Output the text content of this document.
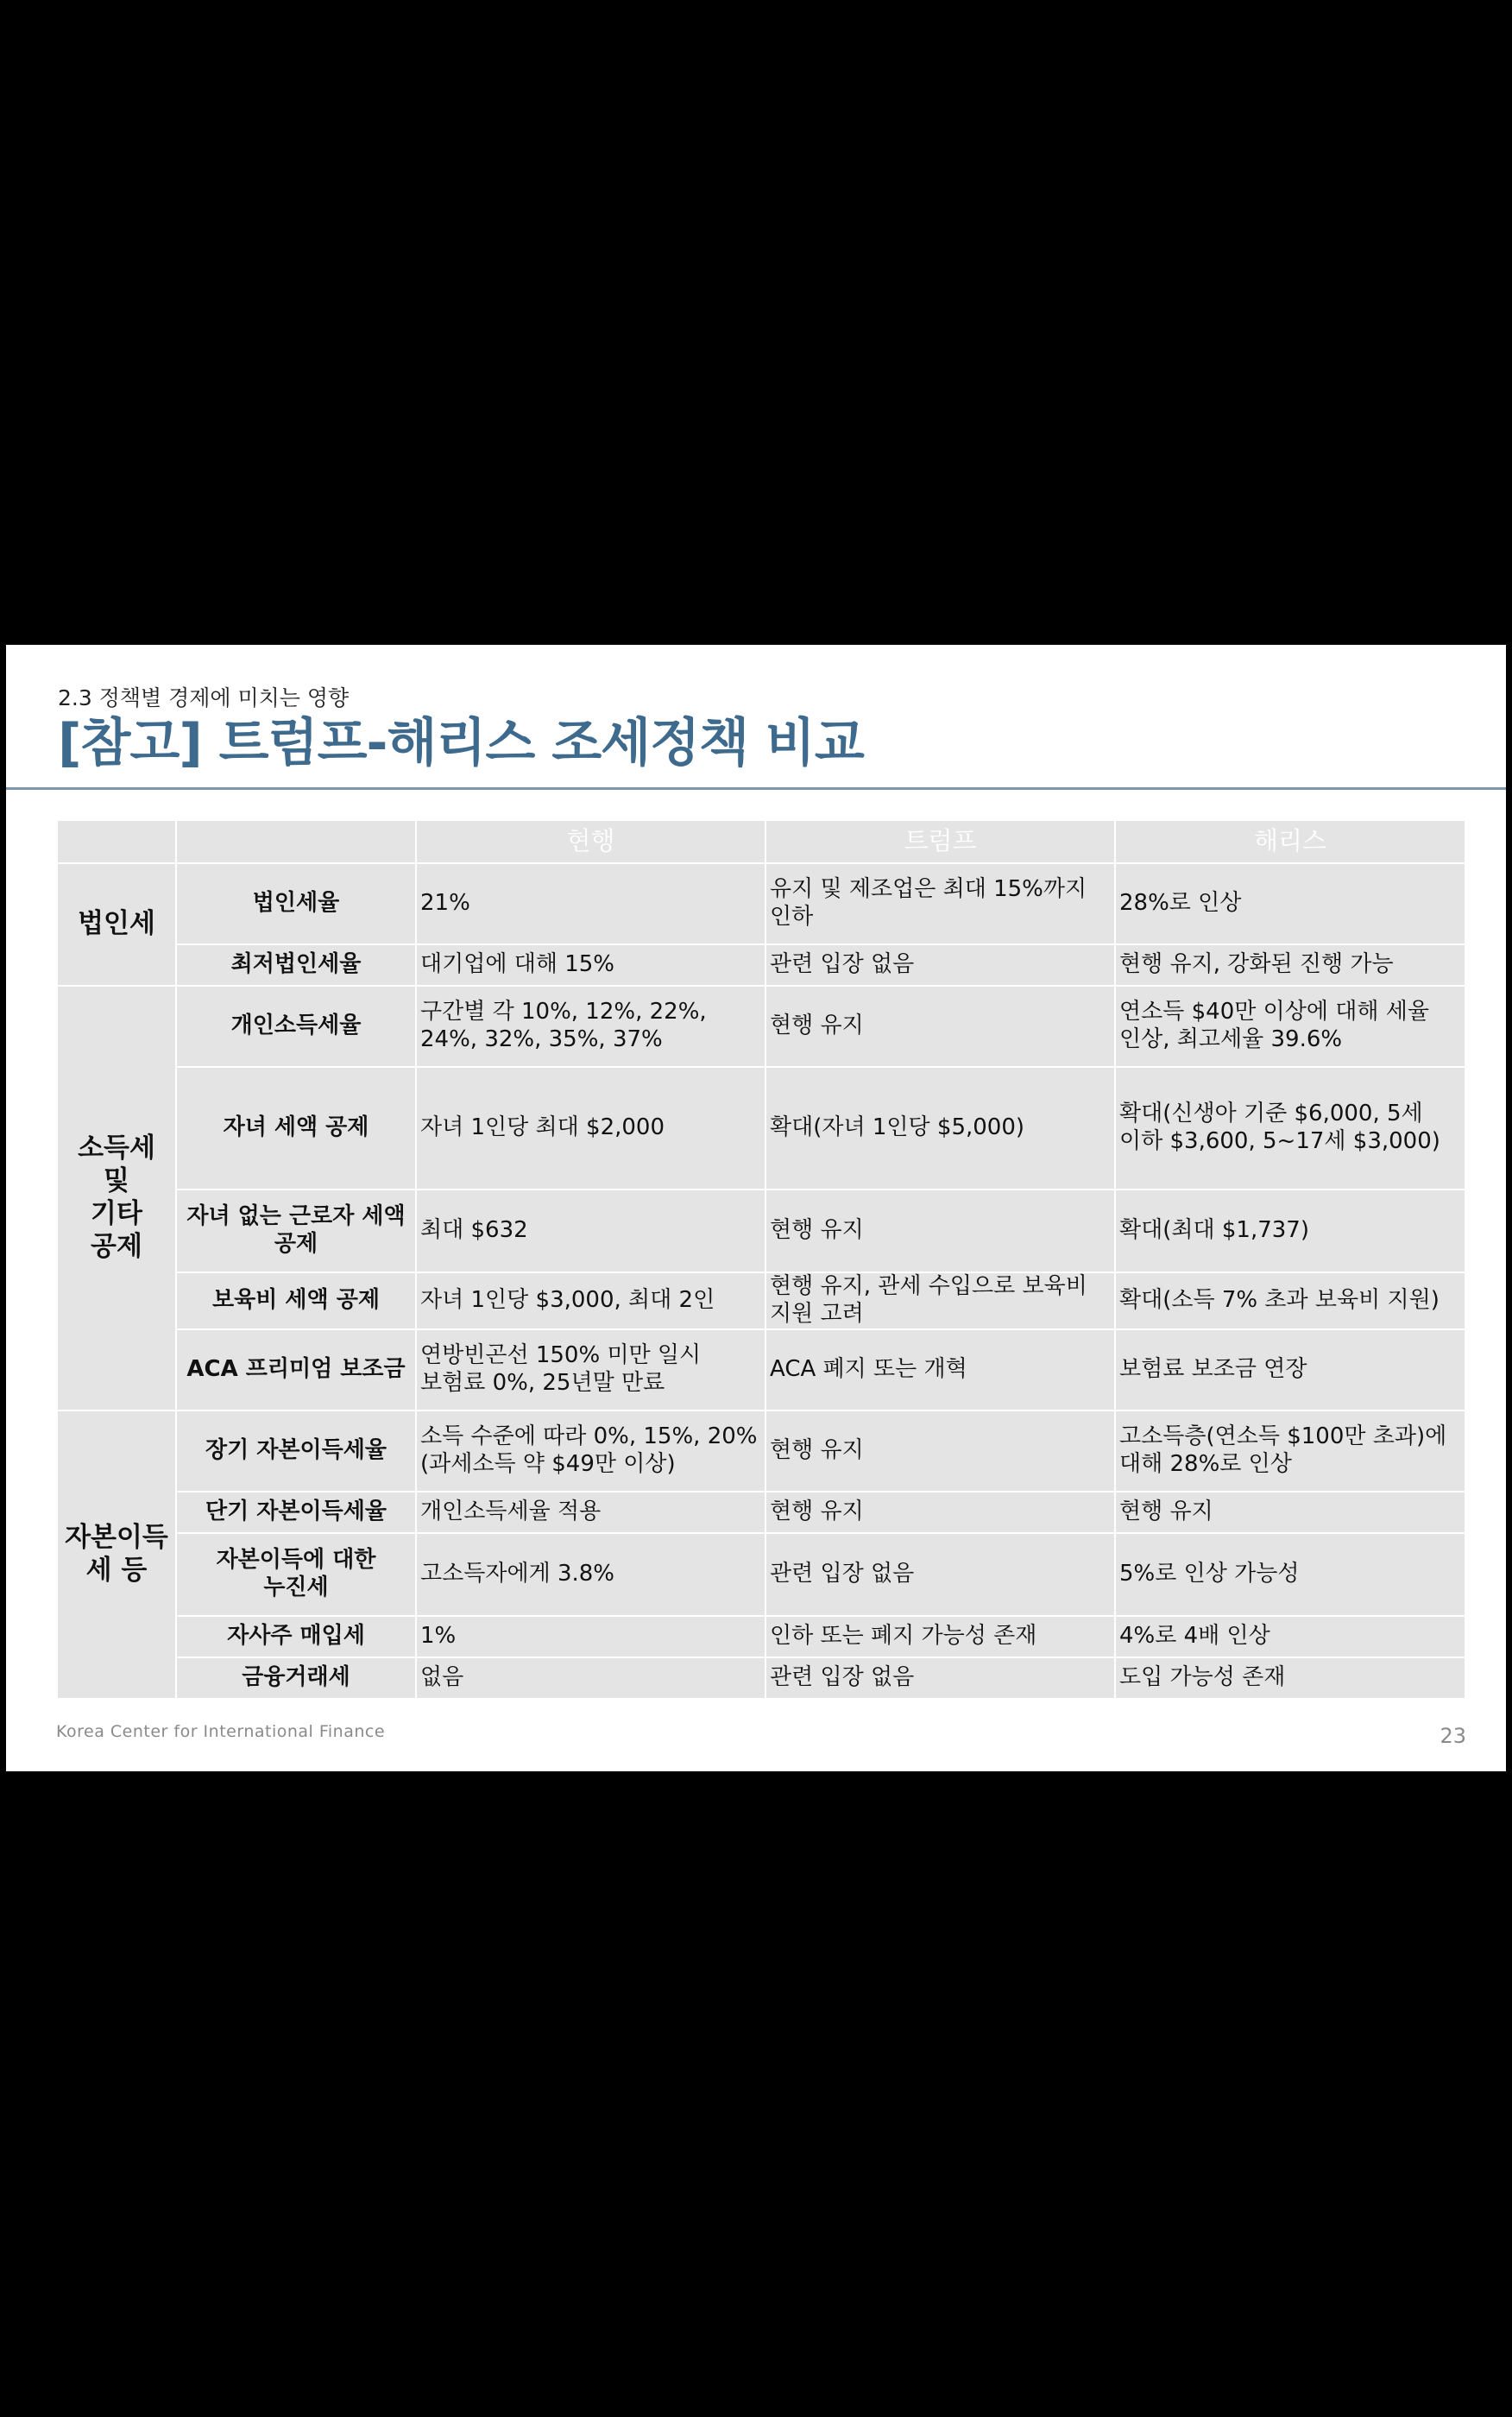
2.3 정책별 경제에 미치는 영향
[참고] 트럼프-해리스 조세정책 비교
		현행	트럼프	해리스
법인세	법인세율	21%	유지 및 제조업은 최대 15%까지 인하	28%로 인상
	최저법인세율	대기업에 대해 15%	관련 입장 없음	현행 유지, 강화된 진행 가능
소득세
및
기타 공제	개인소득세율	구간별 각 10%, 12%, 22%, 24%, 32%, 35%, 37%	현행 유지	연소득 $40만 이상에 대해 세율 인상, 최고세율 39.6%
	자녀 세액 공제	자녀 1인당 최대 $2,000	확대(자녀 1인당 $5,000)	확대(신생아 기준 $6,000, 5세 이하 $3,600, 5~17세 $3,000)
	자녀 없는 근로자 세액 공제	최대 $632	현행 유지	확대(최대 $1,737)
	보육비 세액 공제	자녀 1인당 $3,000, 최대 2인	현행 유지, 관세 수입으로 보육비 지원 고려	확대(소득 7% 초과 보육비 지원)
	ACA 프리미엄 보조금	연방빈곤선 150% 미만 일시 보험료 0%, 25년말 만료	ACA 폐지 또는 개혁	보험료 보조금 연장
자본이득
세 등	장기 자본이득세율	소득 수준에 따라 0%, 15%, 20%(과세소득 약 $49만 이상)	현행 유지	고소득층(연소득 $100만 초과)에 대해 28%로 인상
	단기 자본이득세율	개인소득세율 적용	현행 유지	현행 유지
	자본이득에 대한 누진세	고소득자에게 3.8%	관련 입장 없음	5%로 인상 가능성
	자사주 매입세	1%	인하 또는 폐지 가능성 존재	4%로 4배 인상
	금융거래세	없음	관련 입장 없음	도입 가능성 존재
Korea Center for International Finance	23
